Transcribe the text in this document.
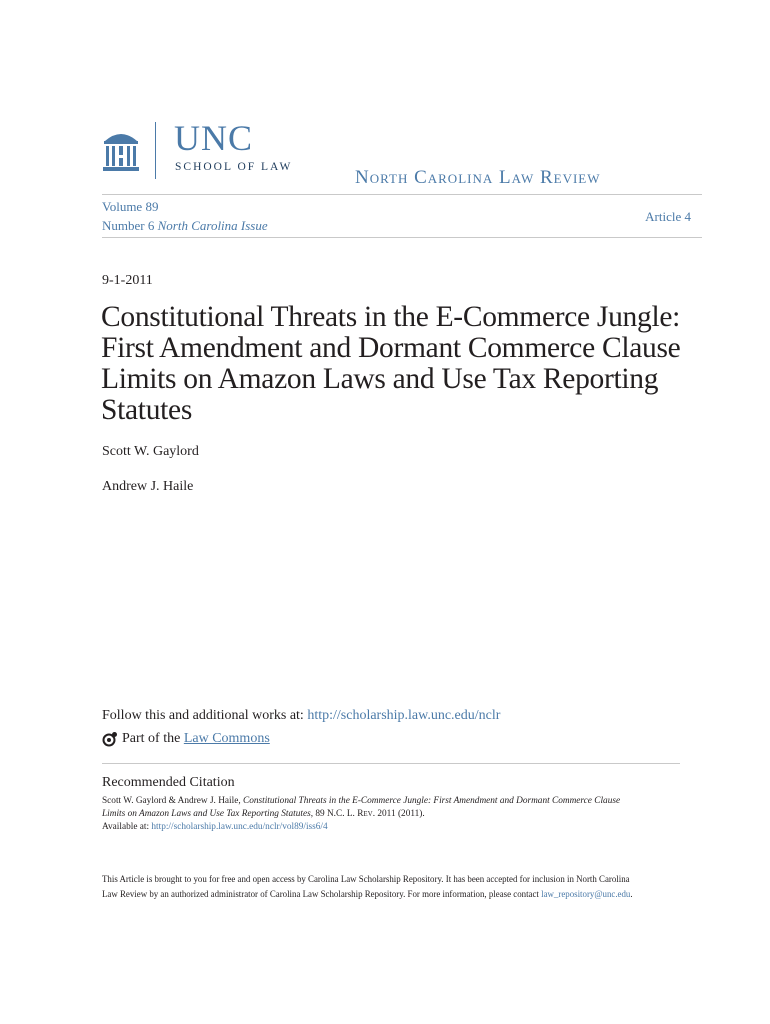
UNC
SCHOOL OF LAW	North Carolina Law Review
Volume 89
Number 6 North Carolina Issue
Article 4
9-1-2011
Constitutional Threats in the E-Commerce Jungle:
First Amendment and Dormant Commerce Clause
Limits on Amazon Laws and Use Tax Reporting
Statutes
Scott W. Gaylord
Andrew J. Haile
Follow this and additional works at: http://scholarship.law.unc.edu/nclr
Part of the Law Commons
Recommended Citation
Scott W. Gaylord & Andrew J. Haile, Constitutional Threats in the E-Commerce Jungle: First Amendment and Dormant Commerce Clause
Limits on Amazon Laws and Use Tax Reporting Statutes, 89 N.C. L. Rev. 2011 (2011).
Available at: http://scholarship.law.unc.edu/nclr/vol89/iss6/4
This Article is brought to you for free and open access by Carolina Law Scholarship Repository. It has been accepted for inclusion in North Carolina
Law Review by an authorized administrator of Carolina Law Scholarship Repository. For more information, please contact law_repository@unc.edu.
